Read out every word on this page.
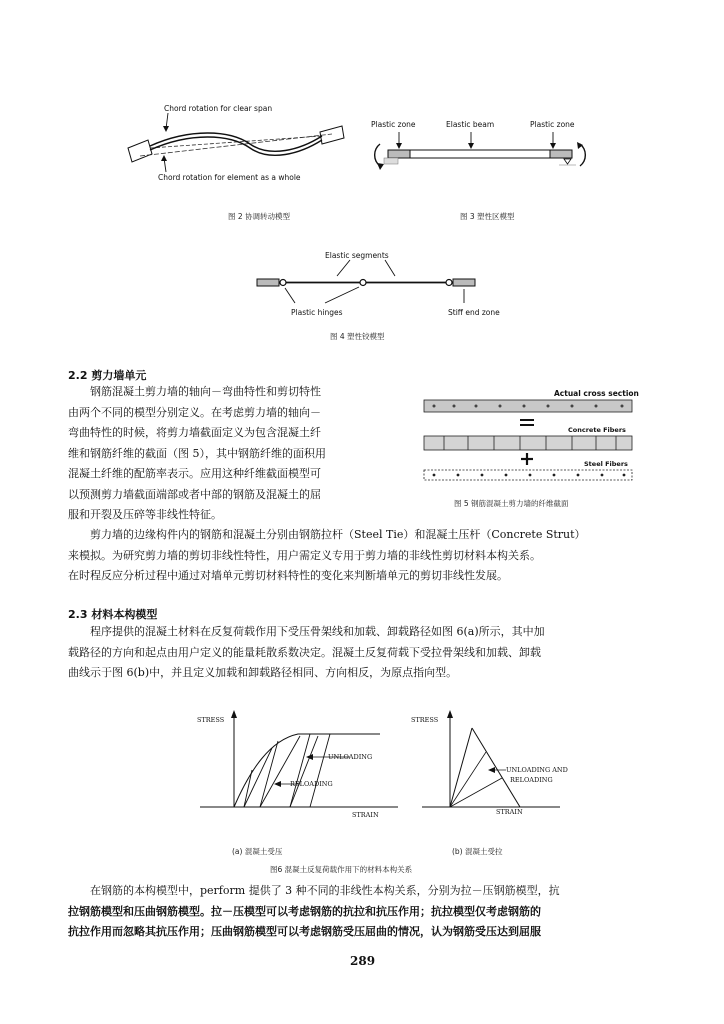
Chord rotation for clear span
Chord rotation for element as a whole
Plastic zone	Elastic beam	Plastic zone
图 2 协调转动模型	图 3 塑性区模型
Elastic segments
Plastic hinges	Stiff end zone
图 4 塑性铰模型
2.2 剪力墙单元

钢筋混凝土剪力墙的轴向－弯曲特性和剪切特性

由两个不同的模型分别定义。在考虑剪力墙的轴向－

弯曲特性的时候，将剪力墙截面定义为包含混凝土纤

维和钢筋纤维的截面（图 5），其中钢筋纤维的面积用

混凝土纤维的配筋率表示。应用这种纤维截面模型可

以预测剪力墙截面端部或者中部的钢筋及混凝土的屈

服和开裂及压碎等非线性特征。

Actual cross section
Concrete Fibers
Steel Fibers
图 5 钢筋混凝土剪力墙的纤维截面

剪力墙的边缘构件内的钢筋和混凝土分别由钢筋拉杆（Steel Tie）和混凝土压杆（Concrete Strut）

来模拟。为研究剪力墙的剪切非线性特性，用户需定义专用于剪力墙的非线性剪切材料本构关系。

在时程反应分析过程中通过对墙单元剪切材料特性的变化来判断墙单元的剪切非线性发展。

2.3 材料本构模型

程序提供的混凝土材料在反复荷载作用下受压骨架线和加载、卸载路径如图 6(a)所示，其中加

载路径的方向和起点由用户定义的能量耗散系数决定。混凝土反复荷载下受拉骨架线和加载、卸载

曲线示于图 6(b)中，并且定义加载和卸载路径相同、方向相反，为原点指向型。

STRESS
UNLOADING
RELOADING
STRAIN
STRESS
UNLOADING AND
RELOADING
STRAIN
(a) 混凝土受压	(b) 混凝土受拉
图6 混凝土反复荷载作用下的材料本构关系

在钢筋的本构模型中，perform 提供了 3 种不同的非线性本构关系，分别为拉－压钢筋模型，抗

拉钢筋模型和压曲钢筋模型。拉－压模型可以考虑钢筋的抗拉和抗压作用；抗拉模型仅考虑钢筋的

抗拉作用而忽略其抗压作用；压曲钢筋模型可以考虑钢筋受压屈曲的情况，认为钢筋受压达到屈服

289
